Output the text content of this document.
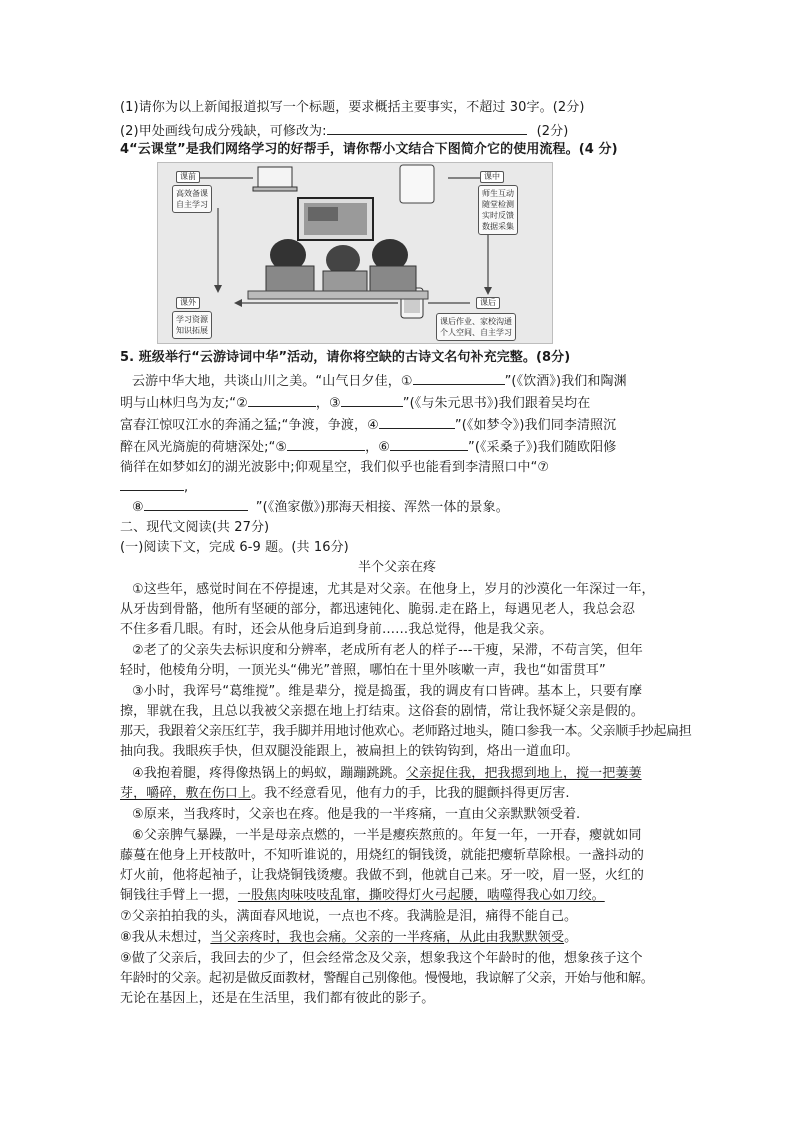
(1)请你为以上新闻报道拟写一个标题，要求概括主要事实，不超过 30字。(2分)
(2)甲处画线句成分残缺，可修改为:	(2分)
4“云课堂”是我们网络学习的好帮手，请你帮小文结合下图简介它的使用流程。(4 分)
课前
高效备课
自主学习
课中
师生互动
随堂检测
实时反馈
数据采集
课外
学习资源
知识拓展
课后
课后作业、家校沟通
个人空间、自主学习
5. 班级举行“云游诗词中华”活动，请你将空缺的古诗文名句补充完整。(8分)
云游中华大地，共谈山川之美。“山气日夕佳，①	”(《饮酒》)我们和陶渊
明与山林归鸟为友;“②	，③	”(《与朱元思书》)我们跟着吴均在
富春江惊叹江水的奔涌之猛;“争渡，争渡，④	”(《如梦令》)我们同李清照沉
醉在风光旖旎的荷塘深处;“⑤	，⑥	”(《采桑子》)我们随欧阳修
徜徉在如梦如幻的湖光波影中;仰观星空，我们似乎也能看到李清照口中“⑦
,
⑧	”(《渔家傲》)那海天相接、浑然一体的景象。
二、现代文阅读(共 27分)
(一)阅读下文，完成 6-9 题。(共 16分)
半个父亲在疼
①这些年，感觉时间在不停提速，尤其是对父亲。在他身上，岁月的沙漠化一年深过一年，
从牙齿到骨骼，他所有坚硬的部分，都迅速钝化、脆弱.走在路上，每遇见老人，我总会忍
不住多看几眼。有时，还会从他身后追到身前……我总觉得，他是我父亲。
②老了的父亲失去标识度和分辨率，老成所有老人的样子---干瘦，呆滞，不苟言笑，但年
轻时，他棱角分明，一顶光头“佛光”普照，哪怕在十里外咳嗽一声，我也“如雷贯耳”
③小时，我诨号“葛维搅”。维是辈分，搅是捣蛋，我的调皮有口皆碑。基本上，只要有摩
擦，罪就在我，且总以我被父亲摁在地上打结束。这俗套的剧情，常让我怀疑父亲是假的。
那天，我跟着父亲压红芋，我手脚并用地讨他欢心。老师路过地头，随口参我一本。父亲顺手抄起扁担
抽向我。我眼疾手快，但双腿没能跟上，被扁担上的铁钩钩到，烙出一道血印。
④我抱着腿，疼得像热锅上的蚂蚁，蹦蹦跳跳。父亲捉住我，把我摁到地上，搅一把萋萋
芽，嚼碎，敷在伤口上。我不经意看见，他有力的手，比我的腿颤抖得更厉害.
⑤原来，当我疼时，父亲也在疼。他是我的一半疼痛，一直由父亲默默领受着.
⑥父亲脾气暴躁，一半是母亲点燃的，一半是瘿疾熬煎的。年复一年，一开春，瘿就如同
藤蔓在他身上开枝散叶，不知听谁说的，用烧红的铜钱烫，就能把瘿斩草除根。一盏抖动的
灯火前，他将起袖子，让我烧铜钱烫瘿。我做不到，他就自己来。牙一咬，眉一竖，火红的
铜钱往手臂上一摁，一股焦肉味吱吱乱窜，撕咬得灯火弓起腰，啮噬得我心如刀绞。
⑦父亲拍拍我的头，满面春风地说，一点也不疼。我满脸是泪，痛得不能自己。
⑧我从未想过，当父亲疼时，我也会痛。父亲的一半疼痛，从此由我默默领受。
⑨做了父亲后，我回去的少了，但会经常念及父亲，想象我这个年龄时的他，想象孩子这个
年龄时的父亲。起初是做反面教材，警醒自己别像他。慢慢地，我谅解了父亲，开始与他和解。
无论在基因上，还是在生活里，我们都有彼此的影子。
